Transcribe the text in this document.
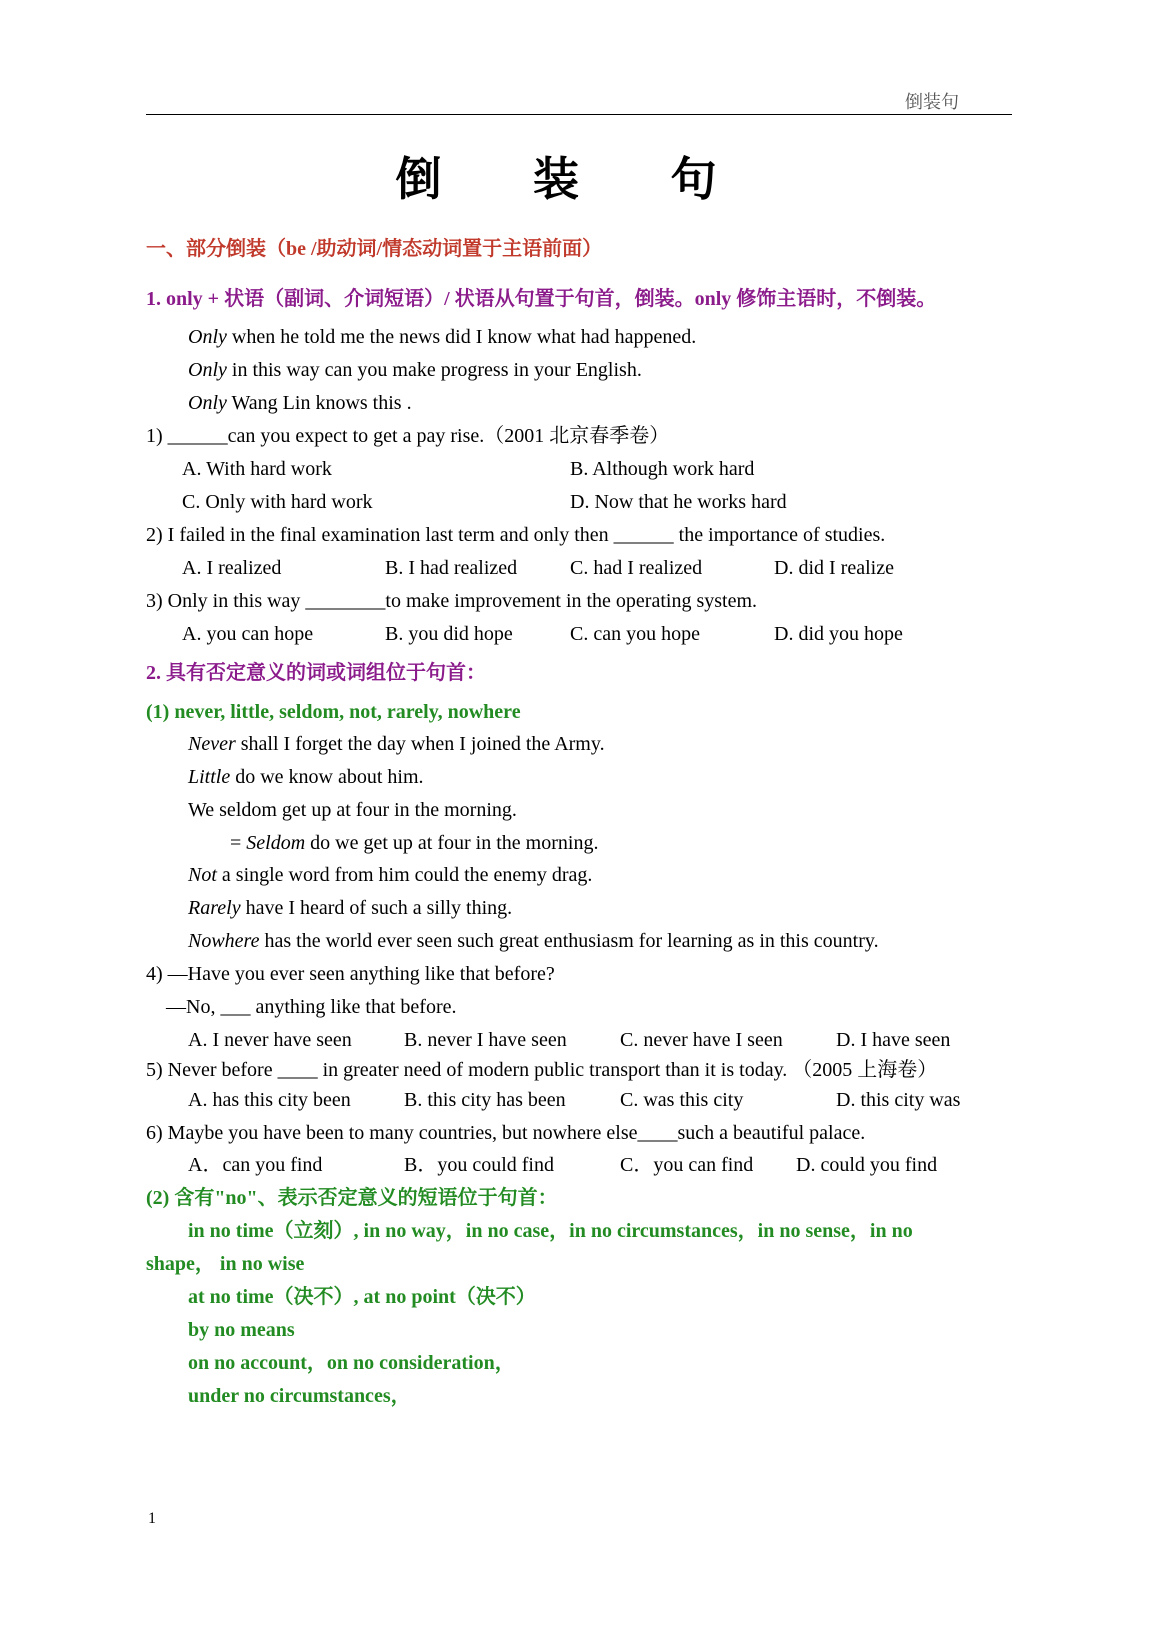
倒装句
倒 装 句
一、部分倒装（be /助动词/情态动词置于主语前面）
1. only + 状语（副词、介词短语）/ 状语从句置于句首，倒装。only 修饰主语时，不倒装。
Only when he told me the news did I know what had happened.
Only in this way can you make progress in your English.
Only Wang Lin knows this .
1) ______can you expect to get a pay rise.（2001 北京春季卷）
A. With hard work	B. Although work hard
C. Only with hard work	D. Now that he works hard
2) I failed in the final examination last term and only then ______ the importance of studies.
A. I realized	B. I had realized	C. had I realized	D. did I realize
3) Only in this way ________to make improvement in the operating system.
A. you can hope	B. you did hope	C. can you hope	D. did you hope
2. 具有否定意义的词或词组位于句首：
(1) never, little, seldom, not, rarely, nowhere
Never shall I forget the day when I joined the Army.
Little do we know about him.
We seldom get up at four in the morning.
= Seldom do we get up at four in the morning.
Not a single word from him could the enemy drag.
Rarely have I heard of such a silly thing.
Nowhere has the world ever seen such great enthusiasm for learning as in this country.
4) —Have you ever seen anything like that before?
—No, ___ anything like that before.
A. I never have seen	B. never I have seen	C. never have I seen	D. I have seen
5) Never before ____ in greater need of modern public transport than it is today. （2005 上海卷）
A. has this city been	B. this city has been	C. was this city	D. this city was
6) Maybe you have been to many countries, but nowhere else____such a beautiful palace.
A．can you find	B．you could find	C．you can find D. could you find
(2) 含有"no"、表示否定意义的短语位于句首：
in no time（立刻）, in no way，in no case，in no circumstances，in no sense，in no
shape， in no wise
at no time（决不）, at no point（决不）
by no means
on no account，on no consideration，
under no circumstances，
1
